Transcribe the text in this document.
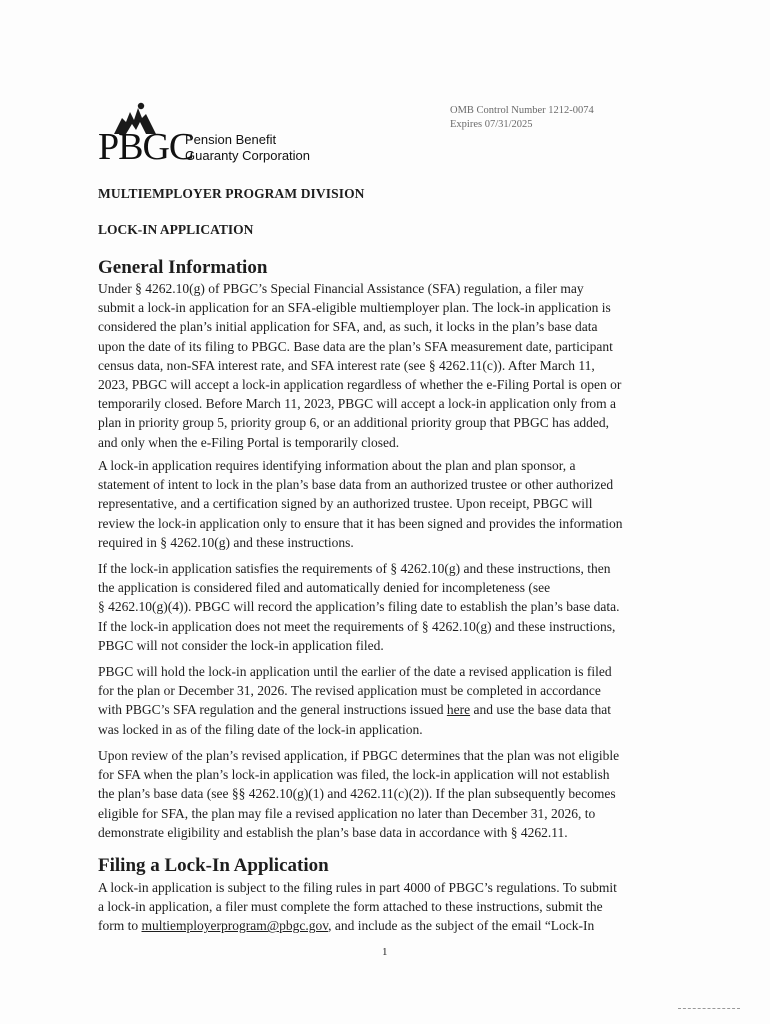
OMB Control Number 1212-0074
Expires 07/31/2025
PBGC
Pension Benefit
Guaranty Corporation
MULTIEMPLOYER PROGRAM DIVISION
LOCK-IN APPLICATION
General Information
Under § 4262.10(g) of PBGC’s Special Financial Assistance (SFA) regulation, a filer may
submit a lock-in application for an SFA-eligible multiemployer plan. The lock-in application is
considered the plan’s initial application for SFA, and, as such, it locks in the plan’s base data
upon the date of its filing to PBGC. Base data are the plan’s SFA measurement date, participant
census data, non-SFA interest rate, and SFA interest rate (see § 4262.11(c)). After March 11,
2023, PBGC will accept a lock-in application regardless of whether the e-Filing Portal is open or
temporarily closed. Before March 11, 2023, PBGC will accept a lock-in application only from a
plan in priority group 5, priority group 6, or an additional priority group that PBGC has added,
and only when the e-Filing Portal is temporarily closed.
A lock-in application requires identifying information about the plan and plan sponsor, a
statement of intent to lock in the plan’s base data from an authorized trustee or other authorized
representative, and a certification signed by an authorized trustee. Upon receipt, PBGC will
review the lock-in application only to ensure that it has been signed and provides the information
required in § 4262.10(g) and these instructions.
If the lock-in application satisfies the requirements of § 4262.10(g) and these instructions, then
the application is considered filed and automatically denied for incompleteness (see
§ 4262.10(g)(4)). PBGC will record the application’s filing date to establish the plan’s base data.
If the lock-in application does not meet the requirements of § 4262.10(g) and these instructions,
PBGC will not consider the lock-in application filed.
PBGC will hold the lock-in application until the earlier of the date a revised application is filed
for the plan or December 31, 2026. The revised application must be completed in accordance
with PBGC’s SFA regulation and the general instructions issued here and use the base data that
was locked in as of the filing date of the lock-in application.
Upon review of the plan’s revised application, if PBGC determines that the plan was not eligible
for SFA when the plan’s lock-in application was filed, the lock-in application will not establish
the plan’s base data (see §§ 4262.10(g)(1) and 4262.11(c)(2)). If the plan subsequently becomes
eligible for SFA, the plan may file a revised application no later than December 31, 2026, to
demonstrate eligibility and establish the plan’s base data in accordance with § 4262.11.
Filing a Lock-In Application
A lock-in application is subject to the filing rules in part 4000 of PBGC’s regulations. To submit
a lock-in application, a filer must complete the form attached to these instructions, submit the
form to multiemployerprogram@pbgc.gov, and include as the subject of the email “Lock-In
1
